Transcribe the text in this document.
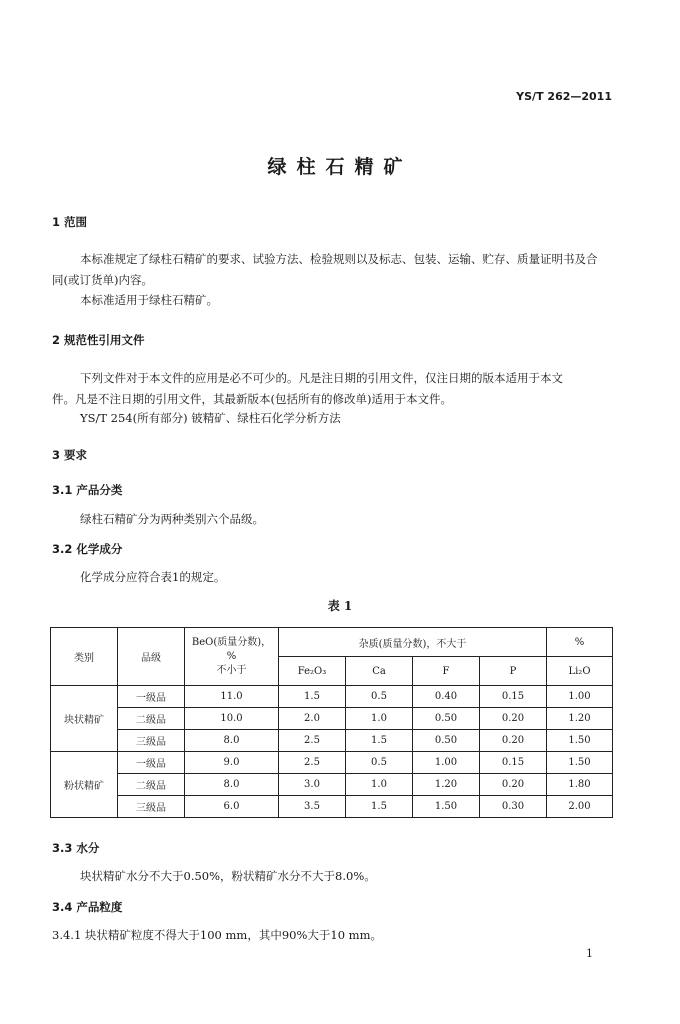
YS/T 262—2011
绿柱石精矿
1 范围
本标准规定了绿柱石精矿的要求、试验方法、检验规则以及标志、包装、运输、贮存、质量证明书及合
同(或订货单)内容。
本标准适用于绿柱石精矿。
2 规范性引用文件
下列文件对于本文件的应用是必不可少的。凡是注日期的引用文件，仅注日期的版本适用于本文
件。凡是不注日期的引用文件，其最新版本(包括所有的修改单)适用于本文件。
YS/T 254(所有部分) 铍精矿、绿柱石化学分析方法
3 要求
3.1 产品分类
绿柱石精矿分为两种类别六个品级。
3.2 化学成分
化学成分应符合表1的规定。
表 1
类别	品级	BeO(质量分数)，
%
不小于	杂质(质量分数)，不大于				%
			Fe₂O₃	Ca	F	P	Li₂O
块状精矿	一级品	11.0	1.5	0.5	0.40	0.15	1.00
	二级品	10.0	2.0	1.0	0.50	0.20	1.20
	三级品	8.0	2.5	1.5	0.50	0.20	1.50
粉状精矿	一级品	9.0	2.5	0.5	1.00	0.15	1.50
	二级品	8.0	3.0	1.0	1.20	0.20	1.80
	三级品	6.0	3.5	1.5	1.50	0.30	2.00
3.3 水分
块状精矿水分不大于0.50%，粉状精矿水分不大于8.0%。
3.4 产品粒度
3.4.1 块状精矿粒度不得大于100 mm，其中90%大于10 mm。
1
